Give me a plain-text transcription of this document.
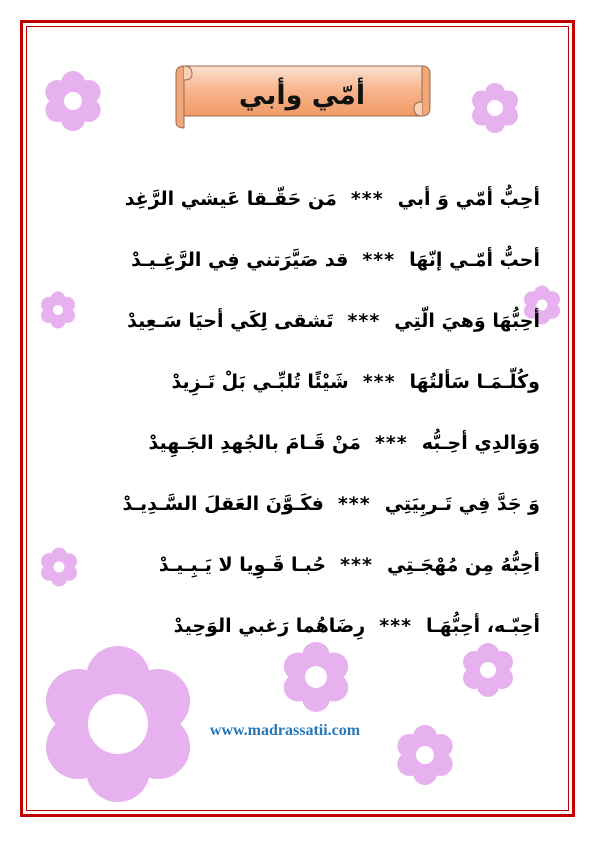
أمّي وأبي
أحِبُّ أمّي وَ أبي
***
مَن حَقّـقا عَيشي الرَّغِد
أحبُّ أمّـي إنّهَا
***
قد صَيَّرَتني فِي الرَّغِـيـدْ
أحِبُّهَا وَهيَ الّتِي
***
تَشقى لِكَي أحيَا سَـعِيدْ
وكُلّـمَـا سَألتُهَا
***
شَيْئًا تُلبِّـي بَلْ تَـزِيدْ
وَوَالدِي أحِـبُّه
***
مَنْ قَـامَ بالجُهدِ الجَـهِيدْ
وَ جَدَّ فِي تَـربِيَتِي
***
فكَـوَّنَ العَقلَ السَّـدِيـدْ
أحِبُّهُ مِن مُهْجَـتِي
***
حُبـا قَـوِيا لا يَـبِـيـدْ
أحِبّـه، أحِبُّهَـا
***
رِضَاهُما رَغبي الوَحِيدْ
www.madrassatii.com
